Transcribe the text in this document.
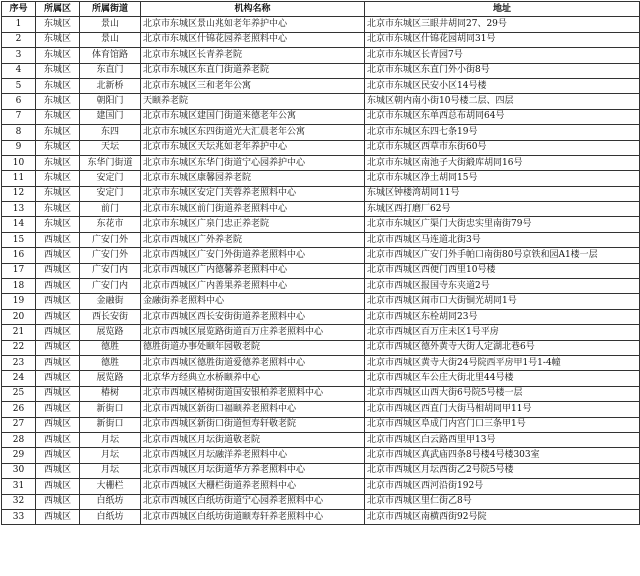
序号	所属区	所属街道	机构名称	地址
1	东城区	景山	北京市东城区景山兆如老年养护中心	北京市东城区三眼井胡同27、29号
2	东城区	景山	北京市东城区什锦花园养老照料中心	北京市东城区什锦花园胡同31号
3	东城区	体育馆路	北京市东城区长青养老院	北京市东城区长青园7号
4	东城区	东直门	北京市东城区东直门街道养老院	北京市东城区东直门外小街8号
5	东城区	北新桥	北京市东城区三和老年公寓	北京市东城区民安小区14号楼
6	东城区	朝阳门	天颐养老院	东城区朝内南小街10号楼二层、四层
7	东城区	建国门	北京市东城区建国门街道来德老年公寓	北京市东城区东单西总布胡同64号
8	东城区	东四	北京市东城区东四街道光大汇晨老年公寓	北京市东城区东四七条19号
9	东城区	天坛	北京市东城区天坛兆如老年养护中心	北京市东城区西草市东街60号
10	东城区	东华门街道	北京市东城区东华门街道宁心园养护中心	北京市东城区南池子大街緞库胡同16号
11	东城区	安定门	北京市东城区康馨园养老院	北京市东城区净土胡同15号
12	东城区	安定门	北京市东城区安定门芙蓉养老照料中心	东城区钟楼湾胡同11号
13	东城区	前门	北京市东城区前门街道养老照料中心	东城区西打磨厂62号
14	东城区	东花市	北京市东城区广泉门忠正养老院	北京市东城区广渠门大街忠实里南街79号
15	西城区	广安门外	北京市西城区广外养老院	北京市西城区马连道北街3号
16	西城区	广安门外	北京市西城区广安门外街道养老照料中心	北京市西城区广安门外手帕口南街80号京铁和园A1楼一层
17	西城区	广安门内	北京市西城区广内德馨养老照料中心	北京市西城区西便门西里10号楼
18	西城区	广安门内	北京市西城区广内善果养老照料中心	北京市西城区报国寺东夹道2号
19	西城区	金融街	金融街养老照料中心	北京市西城区闹市口大街铜光胡同1号
20	西城区	西长安街	北京市西城区西长安街街道养老照料中心	北京市西城区东栓胡同23号
21	西城区	展览路	北京市西城区展览路街道百万庄养老照料中心	北京市西城区百万庄未区1号平房
22	西城区	德胜	德胜街道办事处颐年园敬老院	北京市西城区德外黄寺大街人定湖北巷6号
23	西城区	德胜	北京市西城区德胜街道爱德养老照料中心	北京市西城区黄寺大街24号院西平房甲1号1-4幢
24	西城区	展览路	北京华方经典立水桥颐养中心	北京市西城区车公庄大街北里44号楼
25	西城区	椿树	北京市西城区椿树街道国安银柏养老照料中心	北京市西城区山西大街6号院5号楼一层
26	西城区	新街口	北京市西城区新街口福颐养老照料中心	北京市西城区西直门大街马相胡同甲11号
27	西城区	新街口	北京市西城区新街口街道恒寿轩敬老院	北京市西城区阜成门内宫门口三条甲1号
28	西城区	月坛	北京市西城区月坛街道敬老院	北京市西城区白云路西里甲13号
29	西城区	月坛	北京市西城区月坛融洋养老照料中心	北京市西城区真武庙四条8号楼4号楼303室
30	西城区	月坛	北京市西城区月坛街道华方养老照料中心	北京市西城区月坛西街乙2号院5号楼
31	西城区	大栅栏	北京市西城区大栅栏街道养老照料中心	北京市西城区西河沿街192号
32	西城区	白纸坊	北京市西城区白纸坊街道宁心园养老照料中心	北京市西城区里仁街乙8号
33	西城区	白纸坊	北京市西城区白纸坊街道颐寿轩养老照料中心	北京市西城区南横西街92号院
